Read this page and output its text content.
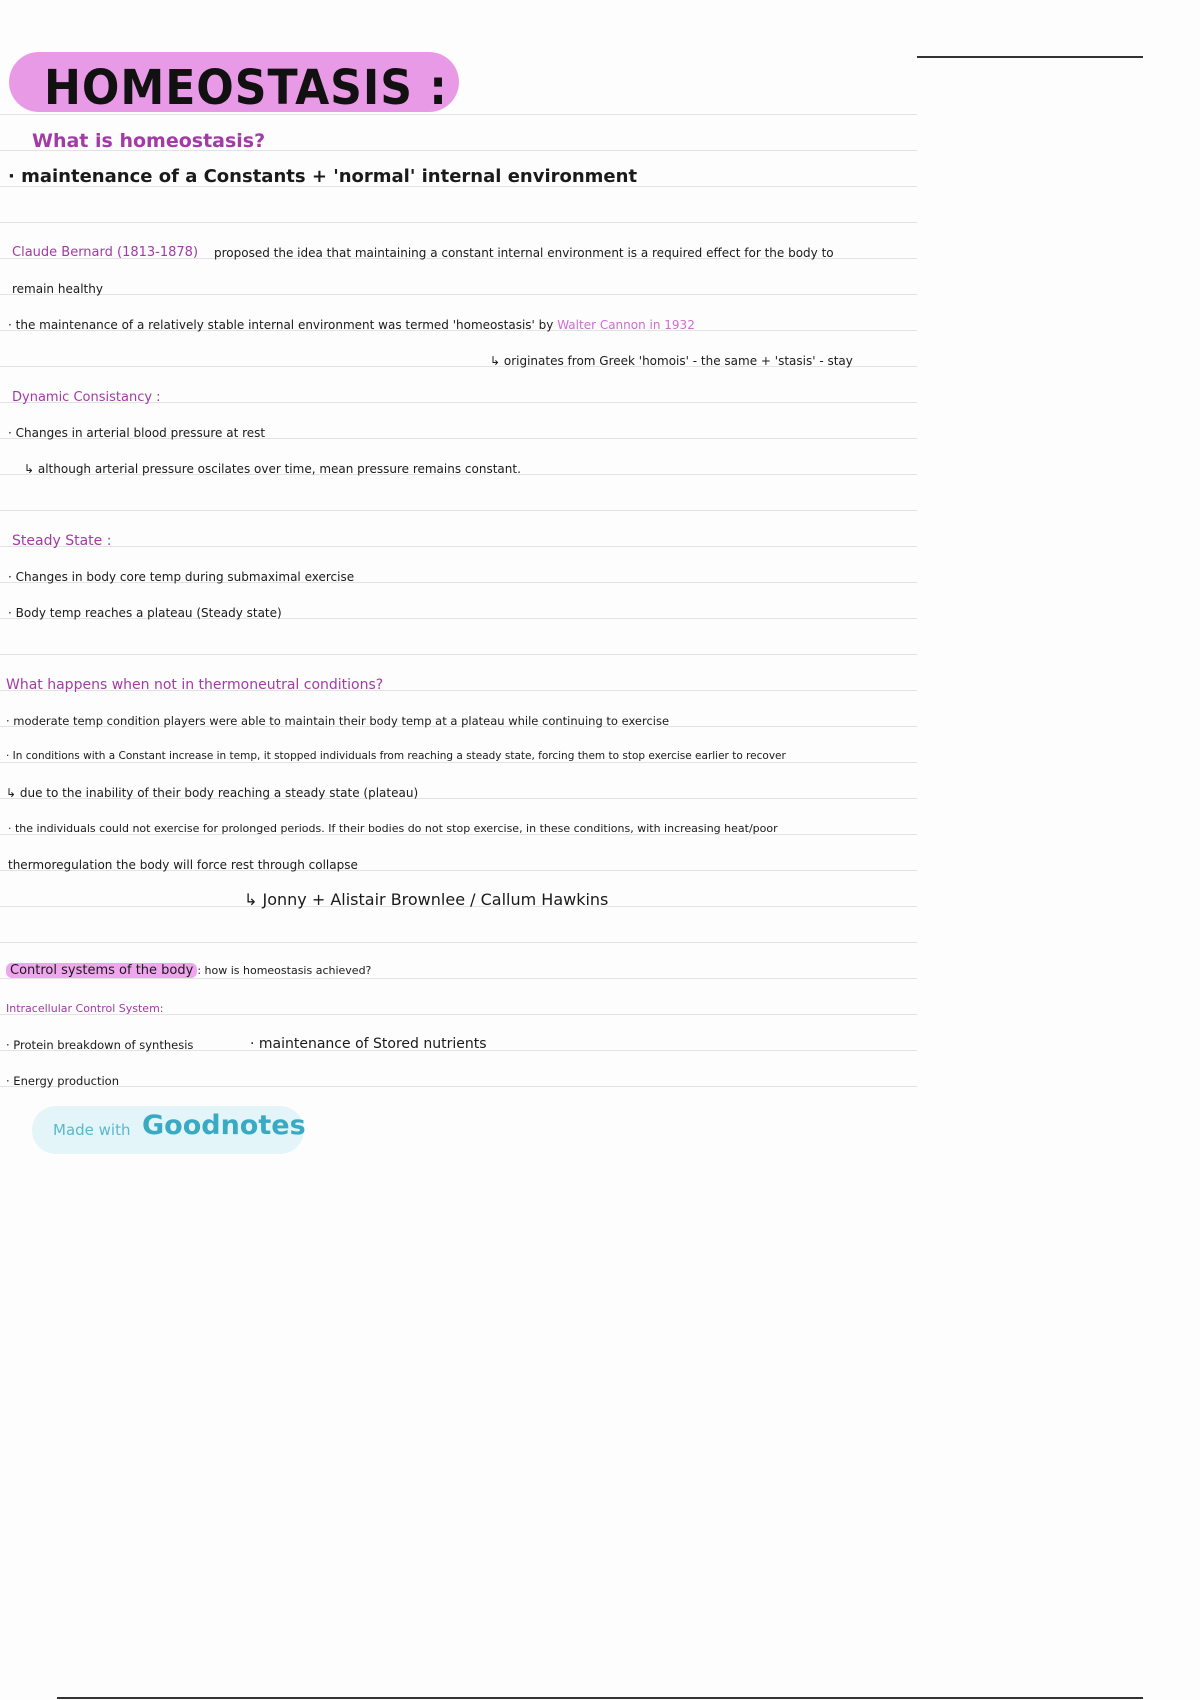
HOMEOSTASIS :
What is homeostasis?
· maintenance of a Constants + 'normal' internal environment
Claude Bernard (1813-1878) proposed the idea that maintaining a constant internal environment is a required effect for the body to
remain healthy
· the maintenance of a relatively stable internal environment was termed 'homeostasis' by Walter Cannon in 1932
↳ originates from Greek 'homois' - the same + 'stasis' - stay
Dynamic Consistancy :
· Changes in arterial blood pressure at rest
↳ although arterial pressure oscilates over time, mean pressure remains constant.
Steady State :
· Changes in body core temp during submaximal exercise
· Body temp reaches a plateau (Steady state)
What happens when not in thermoneutral conditions?
· moderate temp condition players were able to maintain their body temp at a plateau while continuing to exercise
· In conditions with a Constant increase in temp, it stopped individuals from reaching a steady state, forcing them to stop exercise earlier to recover
↳ due to the inability of their body reaching a steady state (plateau)
· the individuals could not exercise for prolonged periods. If their bodies do not stop exercise, in these conditions, with increasing heat/poor
thermoregulation the body will force rest through collapse
↳ Jonny + Alistair Brownlee / Callum Hawkins
Control systems of the body : how is homeostasis achieved?
Intracellular Control System:
· Protein breakdown of synthesis	· maintenance of Stored nutrients
· Energy production
Made with Goodnotes
